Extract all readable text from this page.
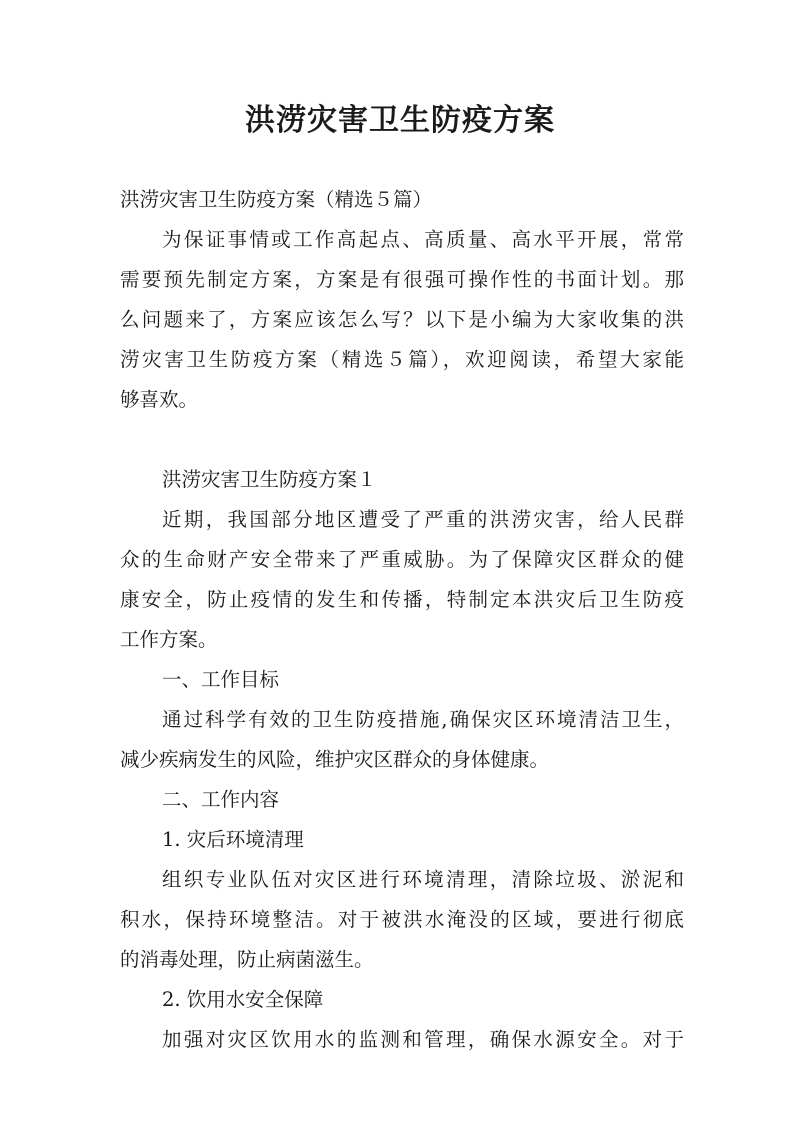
洪涝灾害卫生防疫方案

洪涝灾害卫生防疫方案（精选５篇）

为保证事情或工作高起点、高质量、高水平开展，常常

需要预先制定方案，方案是有很强可操作性的书面计划。那

么问题来了，方案应该怎么写？以下是小编为大家收集的洪

涝灾害卫生防疫方案（精选５篇），欢迎阅读，希望大家能

够喜欢。

洪涝灾害卫生防疫方案１

近期，我国部分地区遭受了严重的洪涝灾害，给人民群

众的生命财产安全带来了严重威胁。为了保障灾区群众的健

康安全，防止疫情的发生和传播，特制定本洪灾后卫生防疫

工作方案。

一、工作目标

通过科学有效的卫生防疫措施,确保灾区环境清洁卫生，

减少疾病发生的风险，维护灾区群众的身体健康。

二、工作内容

1. 灾后环境清理

组织专业队伍对灾区进行环境清理，清除垃圾、淤泥和

积水，保持环境整洁。对于被洪水淹没的区域，要进行彻底

的消毒处理，防止病菌滋生。

2. 饮用水安全保障

加强对灾区饮用水的监测和管理，确保水源安全。对于
